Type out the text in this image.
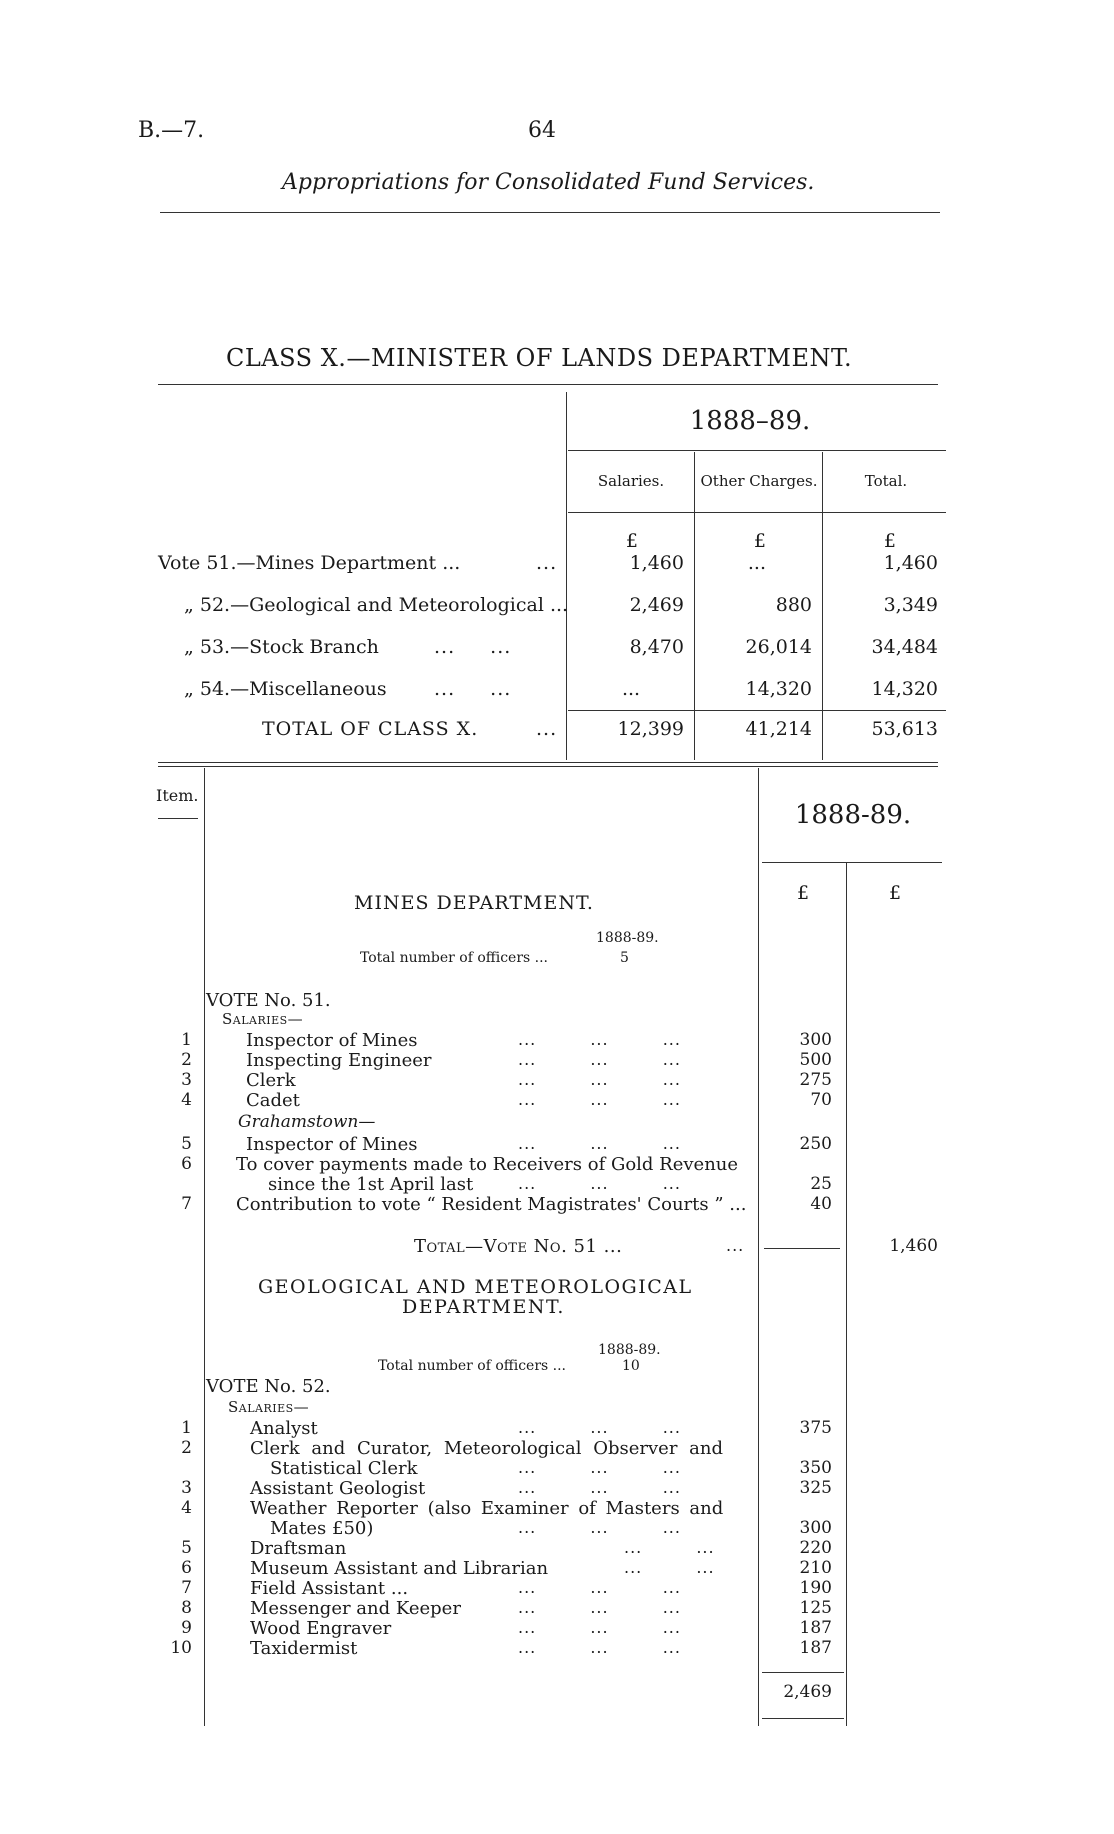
B.—7.	64
Appropriations for Consolidated Fund Services.
CLASS X.—MINISTER OF LANDS DEPARTMENT.
1888–89.
Salaries.	Other Charges.	Total.
£	£	£
Vote 51.—Mines Department ...	...	1,460	...	1,460
„ 52.—Geological and Meteorological ...	2,469	880	3,349
„ 53.—Stock Branch	... ...	8,470	26,014	34,484
„ 54.—Miscellaneous ... ...	...	14,320	14,320
TOTAL OF CLASS X.	...	12,399	41,214	53,613
Item.
1888-89.
£	£
MINES DEPARTMENT.
1888-89.
Total number of officers ...	5
VOTE No. 51.
Salaries—
1	Inspector of Mines	... ... ...	300
2	Inspecting Engineer	... ... ...	500
3	Clerk	... ... ...	275
4	Cadet	... ... ...	70
Grahamstown—
5	Inspector of Mines	... ... ...	250
6 To cover payments made to Receivers of Gold Revenue
since the 1st April last	... ... ...	25
7 Contribution to vote “ Resident Magistrates' Courts ” ...	40
Total—Vote No. 51 ...	...	1,460
GEOLOGICAL AND METEOROLOGICAL
DEPARTMENT.
1888-89.
Total number of officers ...	10
VOTE No. 52.
Salaries—
1	Analyst	... ... ...	375
2	Clerk and Curator, Meteorological Observer and
Statistical Clerk	... ... ...	350
3	Assistant Geologist	... ... ...	325
4	Weather Reporter (also Examiner of Masters and
Mates £50)	... ... ...	300
5	Draftsman	... ...	220
6	Museum Assistant and Librarian	... ...	210
7	Field Assistant ...	... ... ...	190
8	Messenger and Keeper	... ... ...	125
9	Wood Engraver	... ... ...	187
10	Taxidermist	... ... ...	187
2,469
